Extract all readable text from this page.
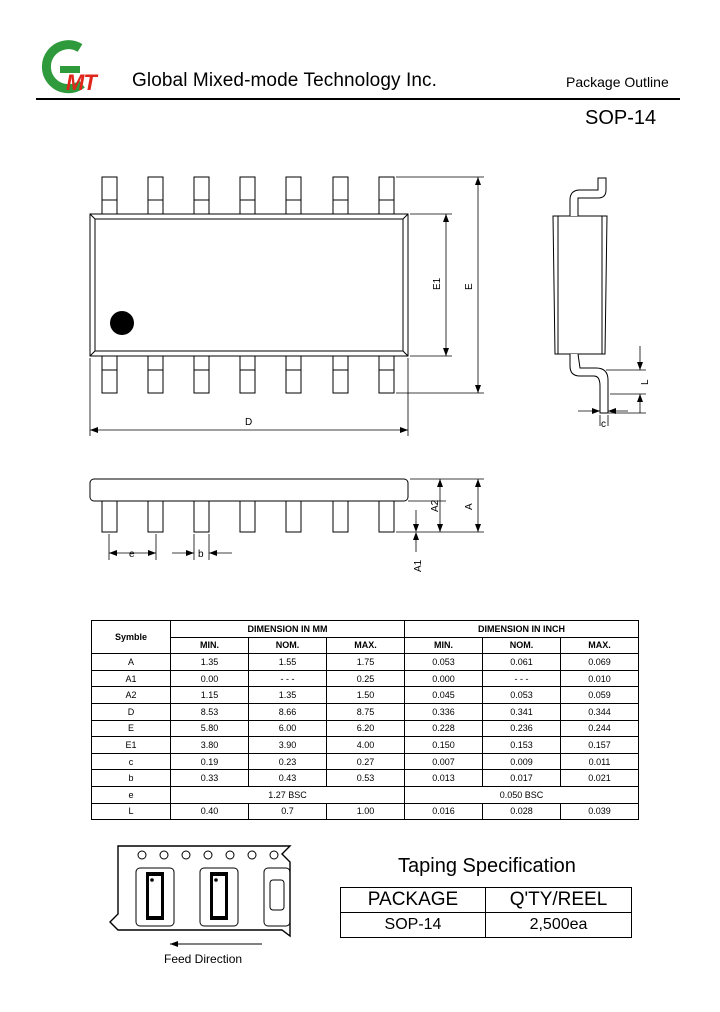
MT Global Mixed-mode Technology Inc.	Package Outline
SOP-14
E1 E
D
L
c
A2 A
A1
e	b
Symble	DIMENSION IN MM			DIMENSION IN INCH		
	MIN.	NOM.	MAX.	MIN.	NOM.	MAX.
A	1.35	1.55	1.75	0.053	0.061	0.069
A1	0.00	- - -	0.25	0.000	- - -	0.010
A2	1.15	1.35	1.50	0.045	0.053	0.059
D	8.53	8.66	8.75	0.336	0.341	0.344
E	5.80	6.00	6.20	0.228	0.236	0.244
E1	3.80	3.90	4.00	0.150	0.153	0.157
c	0.19	0.23	0.27	0.007	0.009	0.011
b	0.33	0.43	0.53	0.013	0.017	0.021
e	1.27 BSC			0.050 BSC		
L	0.40	0.7	1.00	0.016	0.028	0.039
Feed Direction
Taping Specification
PACKAGE	Q'TY/REEL
SOP-14	2,500ea
